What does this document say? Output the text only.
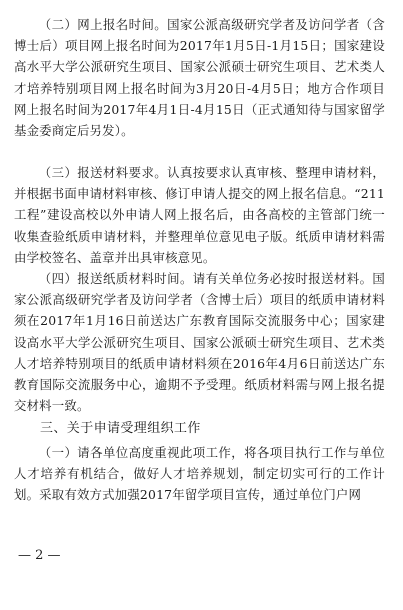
（二）网上报名时间。国家公派高级研究学者及访问学者（含博士后）项目网上报名时间为2017年1月5日-1月15日；国家建设高水平大学公派研究生项目、国家公派硕士研究生项目、艺术类人才培养特别项目网上报名时间为3月20日-4月5日；地方合作项目网上报名时间为2017年4月1日-4月15日（正式通知待与国家留学基金委商定后另发）。

（三）报送材料要求。认真按要求认真审核、整理申请材料，并根据书面申请材料审核、修订申请人提交的网上报名信息。“211工程”建设高校以外申请人网上报名后，由各高校的主管部门统一收集查验纸质申请材料，并整理单位意见电子版。纸质申请材料需由学校签名、盖章并出具审核意见。

（四）报送纸质材料时间。请有关单位务必按时报送材料。国家公派高级研究学者及访问学者（含博士后）项目的纸质申请材料须在2017年1月16日前送达广东教育国际交流服务中心；国家建设高水平大学公派研究生项目、国家公派硕士研究生项目、艺术类人才培养特别项目的纸质申请材料须在2016年4月6日前送达广东教育国际交流服务中心，逾期不予受理。纸质材料需与网上报名提交材料一致。

三、关于申请受理组织工作

（一）请各单位高度重视此项工作，将各项目执行工作与单位人才培养有机结合，做好人才培养规划，制定切实可行的工作计划。采取有效方式加强2017年留学项目宣传，通过单位门户网

— 2 —
